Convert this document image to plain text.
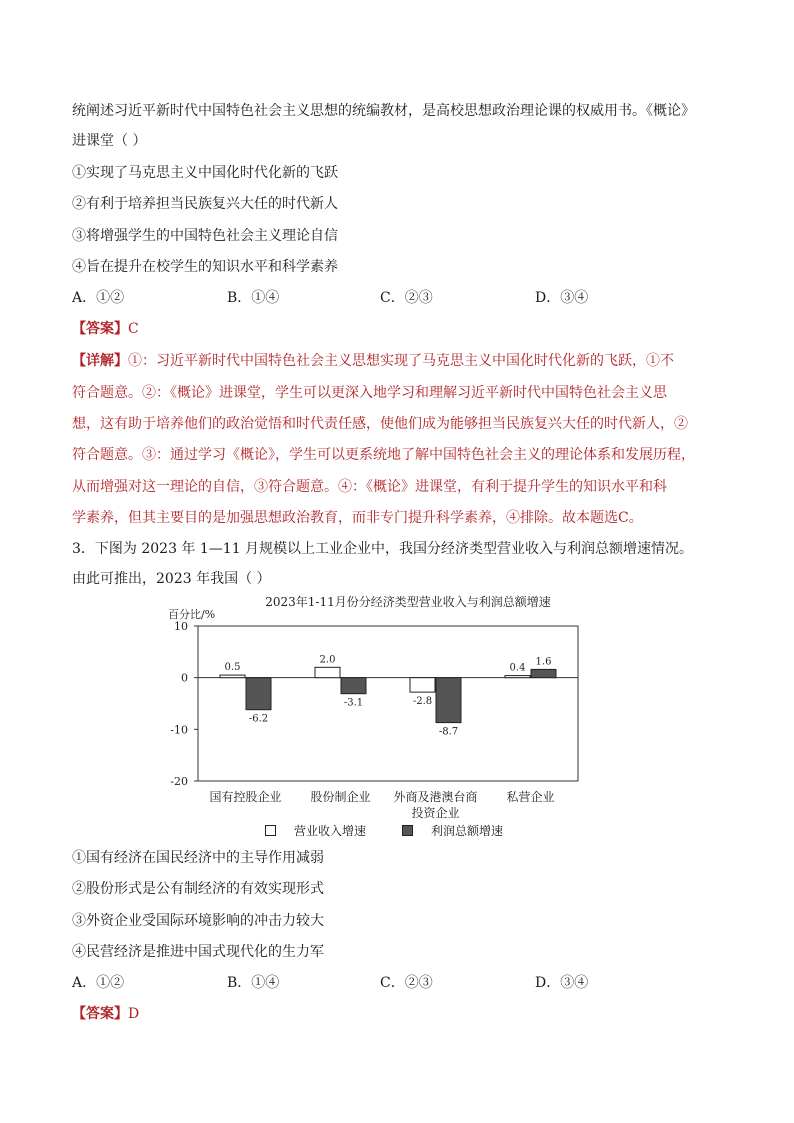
统阐述习近平新时代中国特色社会主义思想的统编教材，是高校思想政治理论课的权威用书。《概论》
进课堂（ ）
①实现了马克思主义中国化时代化新的飞跃
②有利于培养担当民族复兴大任的时代新人
③将增强学生的中国特色社会主义理论自信
④旨在提升在校学生的知识水平和科学素养
A．①②	B．①④	C．②③	D．③④
【答案】C
【详解】①：习近平新时代中国特色社会主义思想实现了马克思主义中国化时代化新的飞跃，①不
符合题意。②：《概论》进课堂，学生可以更深入地学习和理解习近平新时代中国特色社会主义思
想，这有助于培养他们的政治觉悟和时代责任感，使他们成为能够担当民族复兴大任的时代新人，②
符合题意。③：通过学习《概论》，学生可以更系统地了解中国特色社会主义的理论体系和发展历程，
从而增强对这一理论的自信，③符合题意。④：《概论》进课堂，有利于提升学生的知识水平和科
学素养，但其主要目的是加强思想政治教育，而非专门提升科学素养，④排除。故本题选C。
3．下图为 2023 年 1—11 月规模以上工业企业中，我国分经济类型营业收入与利润总额增速情况。
由此可推出，2023 年我国（ ）
2023年1-11月份分经济类型营业收入与利润总额增速
百分比/%
10
0
-10
-20
0.5
-6.2
国有控股企业
2.0
-3.1
股份制企业
-2.8
-8.7
外商及港澳台商
投资企业
0.4
1.6
私营企业
营业收入增速	利润总额增速
①国有经济在国民经济中的主导作用减弱
②股份形式是公有制经济的有效实现形式
③外资企业受国际环境影响的冲击力较大
④民营经济是推进中国式现代化的生力军
A．①②	B．①④	C．②③	D．③④
【答案】D
